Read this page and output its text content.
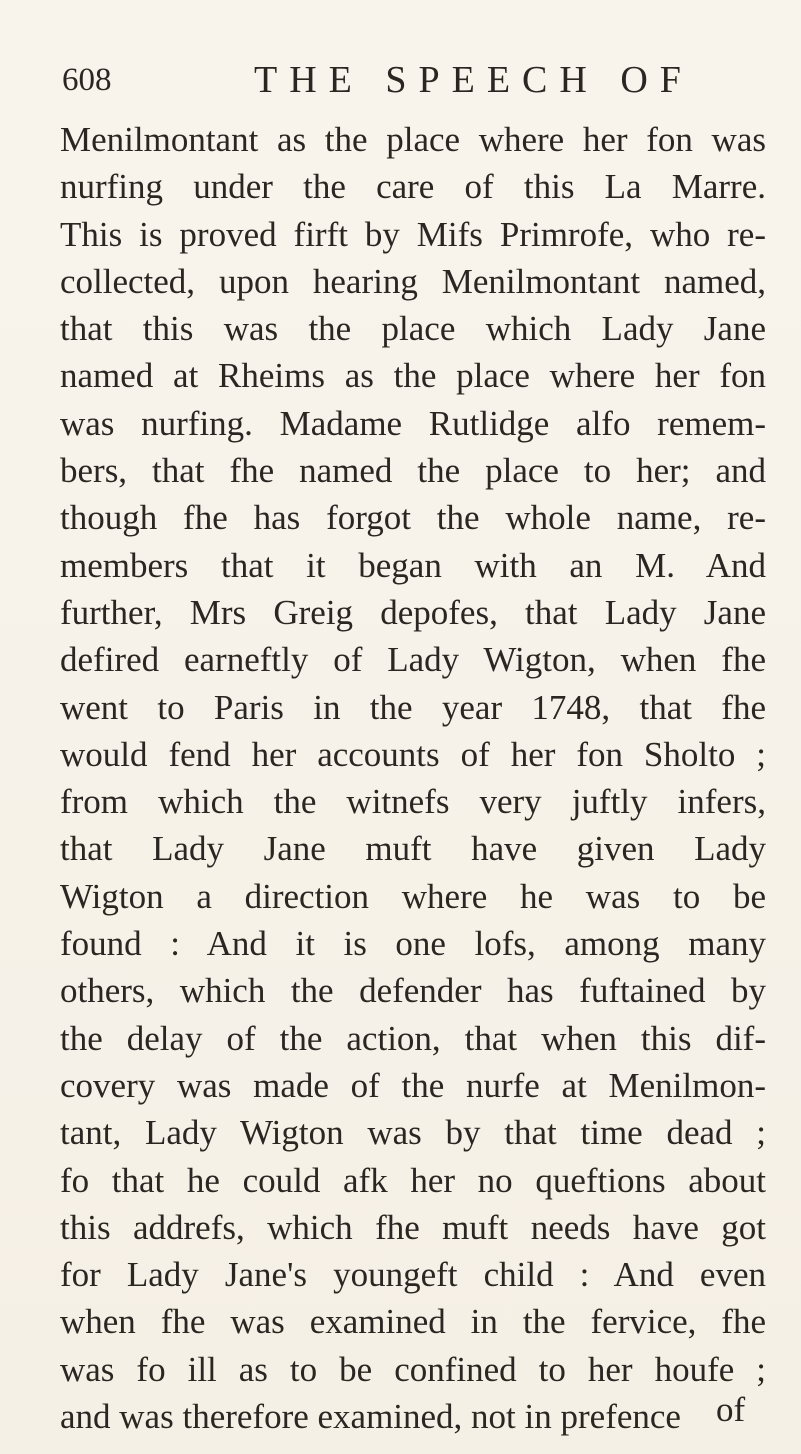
608	THE SPEECH OF
Menilmontant as the place where her fon was
nurfing under the care of this La Marre.
This is proved firft by Mifs Primrofe, who re-
collected, upon hearing Menilmontant named,
that this was the place which Lady Jane
named at Rheims as the place where her fon
was nurfing. Madame Rutlidge alfo remem-
bers, that fhe named the place to her; and
though fhe has forgot the whole name, re-
members that it began with an M. And
further, Mrs Greig depofes, that Lady Jane
defired earneftly of Lady Wigton, when fhe
went to Paris in the year 1748, that fhe
would fend her accounts of her fon Sholto ;
from which the witnefs very juftly infers,
that Lady Jane muft have given Lady
Wigton a direction where he was to be
found : And it is one lofs, among many
others, which the defender has fuftained by
the delay of the action, that when this dif-
covery was made of the nurfe at Menilmon-
tant, Lady Wigton was by that time dead ;
fo that he could afk her no queftions about
this addrefs, which fhe muft needs have got
for Lady Jane's youngeft child : And even
when fhe was examined in the fervice, fhe
was fo ill as to be confined to her houfe ;
and was therefore examined, not in prefence	of
